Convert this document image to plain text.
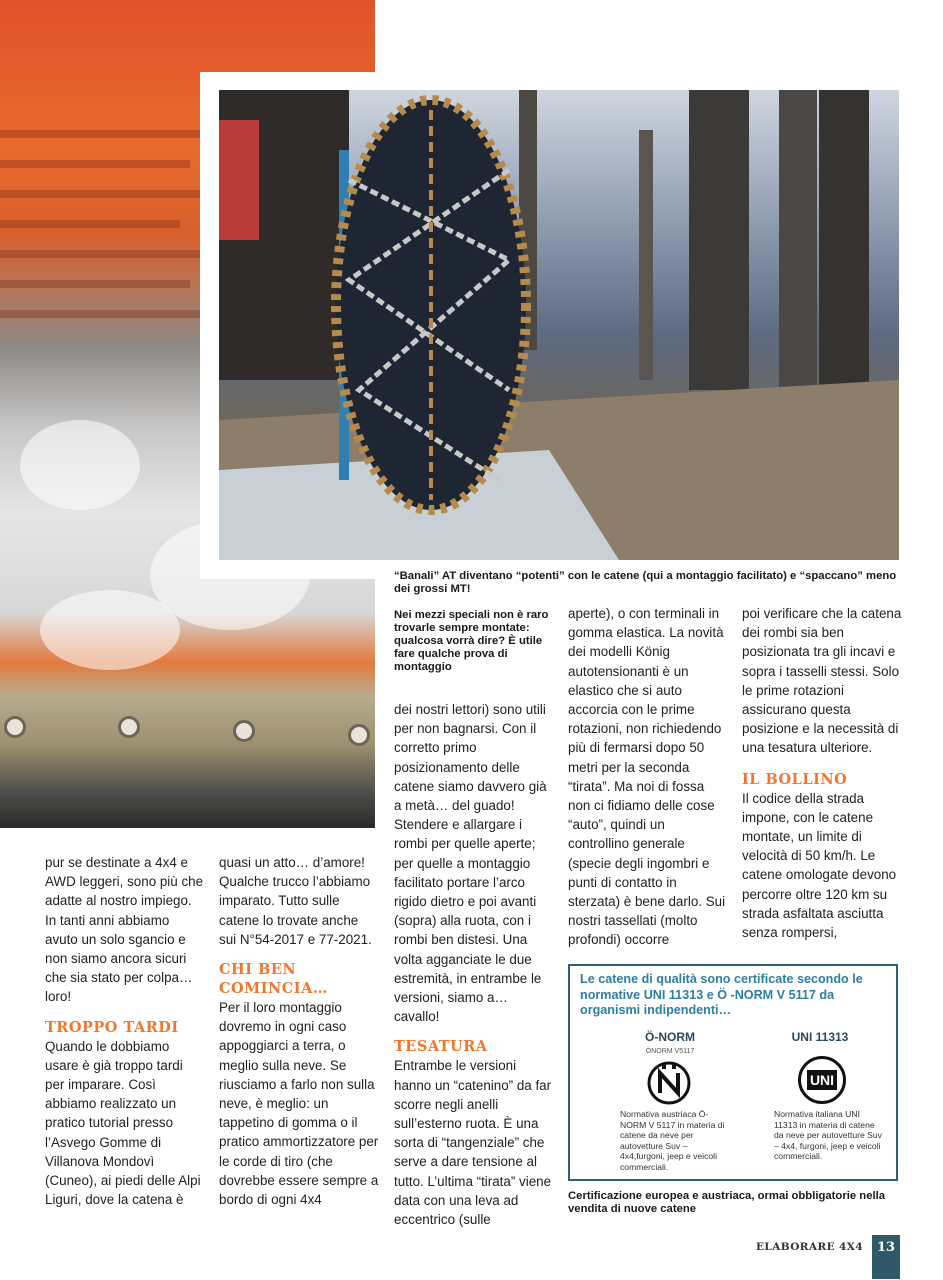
“Banali” AT diventano “potenti” con le catene (qui a montaggio facilitato) e “spaccano” meno dei grossi MT!
Nei mezzi speciali non è raro trovarle sempre montate: qualcosa vorrà dire? È utile fare qualche prova di montaggio

pur se destinate a 4x4 e AWD leggeri, sono più che adatte al nostro impiego. In tanti anni abbiamo avuto un solo sgancio e non siamo ancora sicuri che sia stato per colpa… loro!

TROPPO TARDI

Quando le dobbiamo usare è già troppo tardi per imparare. Così abbiamo realizzato un pratico tutorial presso l’Asvego Gomme di Villanova Mondovì (Cuneo), ai piedi delle Alpi Liguri, dove la catena è

quasi un atto… d’amore! Qualche trucco l’abbiamo imparato. Tutto sulle catene lo trovate anche sui N°54-2017 e 77-2021.

CHI BEN COMINCIA…

Per il loro montaggio dovremo in ogni caso appoggiarci a terra, o meglio sulla neve. Se riusciamo a farlo non sulla neve, è meglio: un tappetino di gomma o il pratico ammortizzatore per le corde di tiro (che dovrebbe essere sempre a bordo di ogni 4x4

dei nostri lettori) sono utili per non bagnarsi. Con il corretto primo posizionamento delle catene siamo davvero già a metà… del guado! Stendere e allargare i rombi per quelle aperte; per quelle a montaggio facilitato portare l’arco rigido dietro e poi avanti (sopra) alla ruota, con i rombi ben distesi. Una volta agganciate le due estremità, in entrambe le versioni, siamo a… cavallo!

TESATURA

Entrambe le versioni hanno un “catenino” da far scorre negli anelli sull’esterno ruota. È una sorta di “tangenziale” che serve a dare tensione al tutto. L’ultima “tirata” viene data con una leva ad eccentrico (sulle

aperte), o con terminali in gomma elastica. La novità dei modelli König autotensionanti è un elastico che si auto accorcia con le prime rotazioni, non richiedendo più di fermarsi dopo 50 metri per la seconda “tirata”. Ma noi di fossa non ci fidiamo delle cose “auto”, quindi un controllino generale (specie degli ingombri e punti di contatto in sterzata) è bene darlo. Sui nostri tassellati (molto profondi) occorre

poi verificare che la catena dei rombi sia ben posizionata tra gli incavi e sopra i tasselli stessi. Solo le prime rotazioni assicurano questa posizione e la necessità di una tesatura ulteriore.

IL BOLLINO

Il codice della strada impone, con le catene montate, un limite di velocità di 50 km/h. Le catene omologate devono percorre oltre 120 km su strada asfaltata asciutta senza rompersi,

Le catene di qualità sono certificate secondo le normative UNI 11313 e Ö -NORM V 5117 da organismi indipendenti…
Ö-NORM
ÖNORM V5117
Normativa austriaca Ö-NORM V 5117 in materia di catene da neve per autovetture Suv – 4x4,furgoni, jeep e veicoli commerciali.
UNI 11313
UNI
Normativa italiana UNI 11313 in materia di catene da neve per autovetture Suv – 4x4, furgoni, jeep e veicoli commerciali.
Certificazione europea e austriaca, ormai obbligatorie nella vendita di nuove catene
ELABORARE 4X4	13
